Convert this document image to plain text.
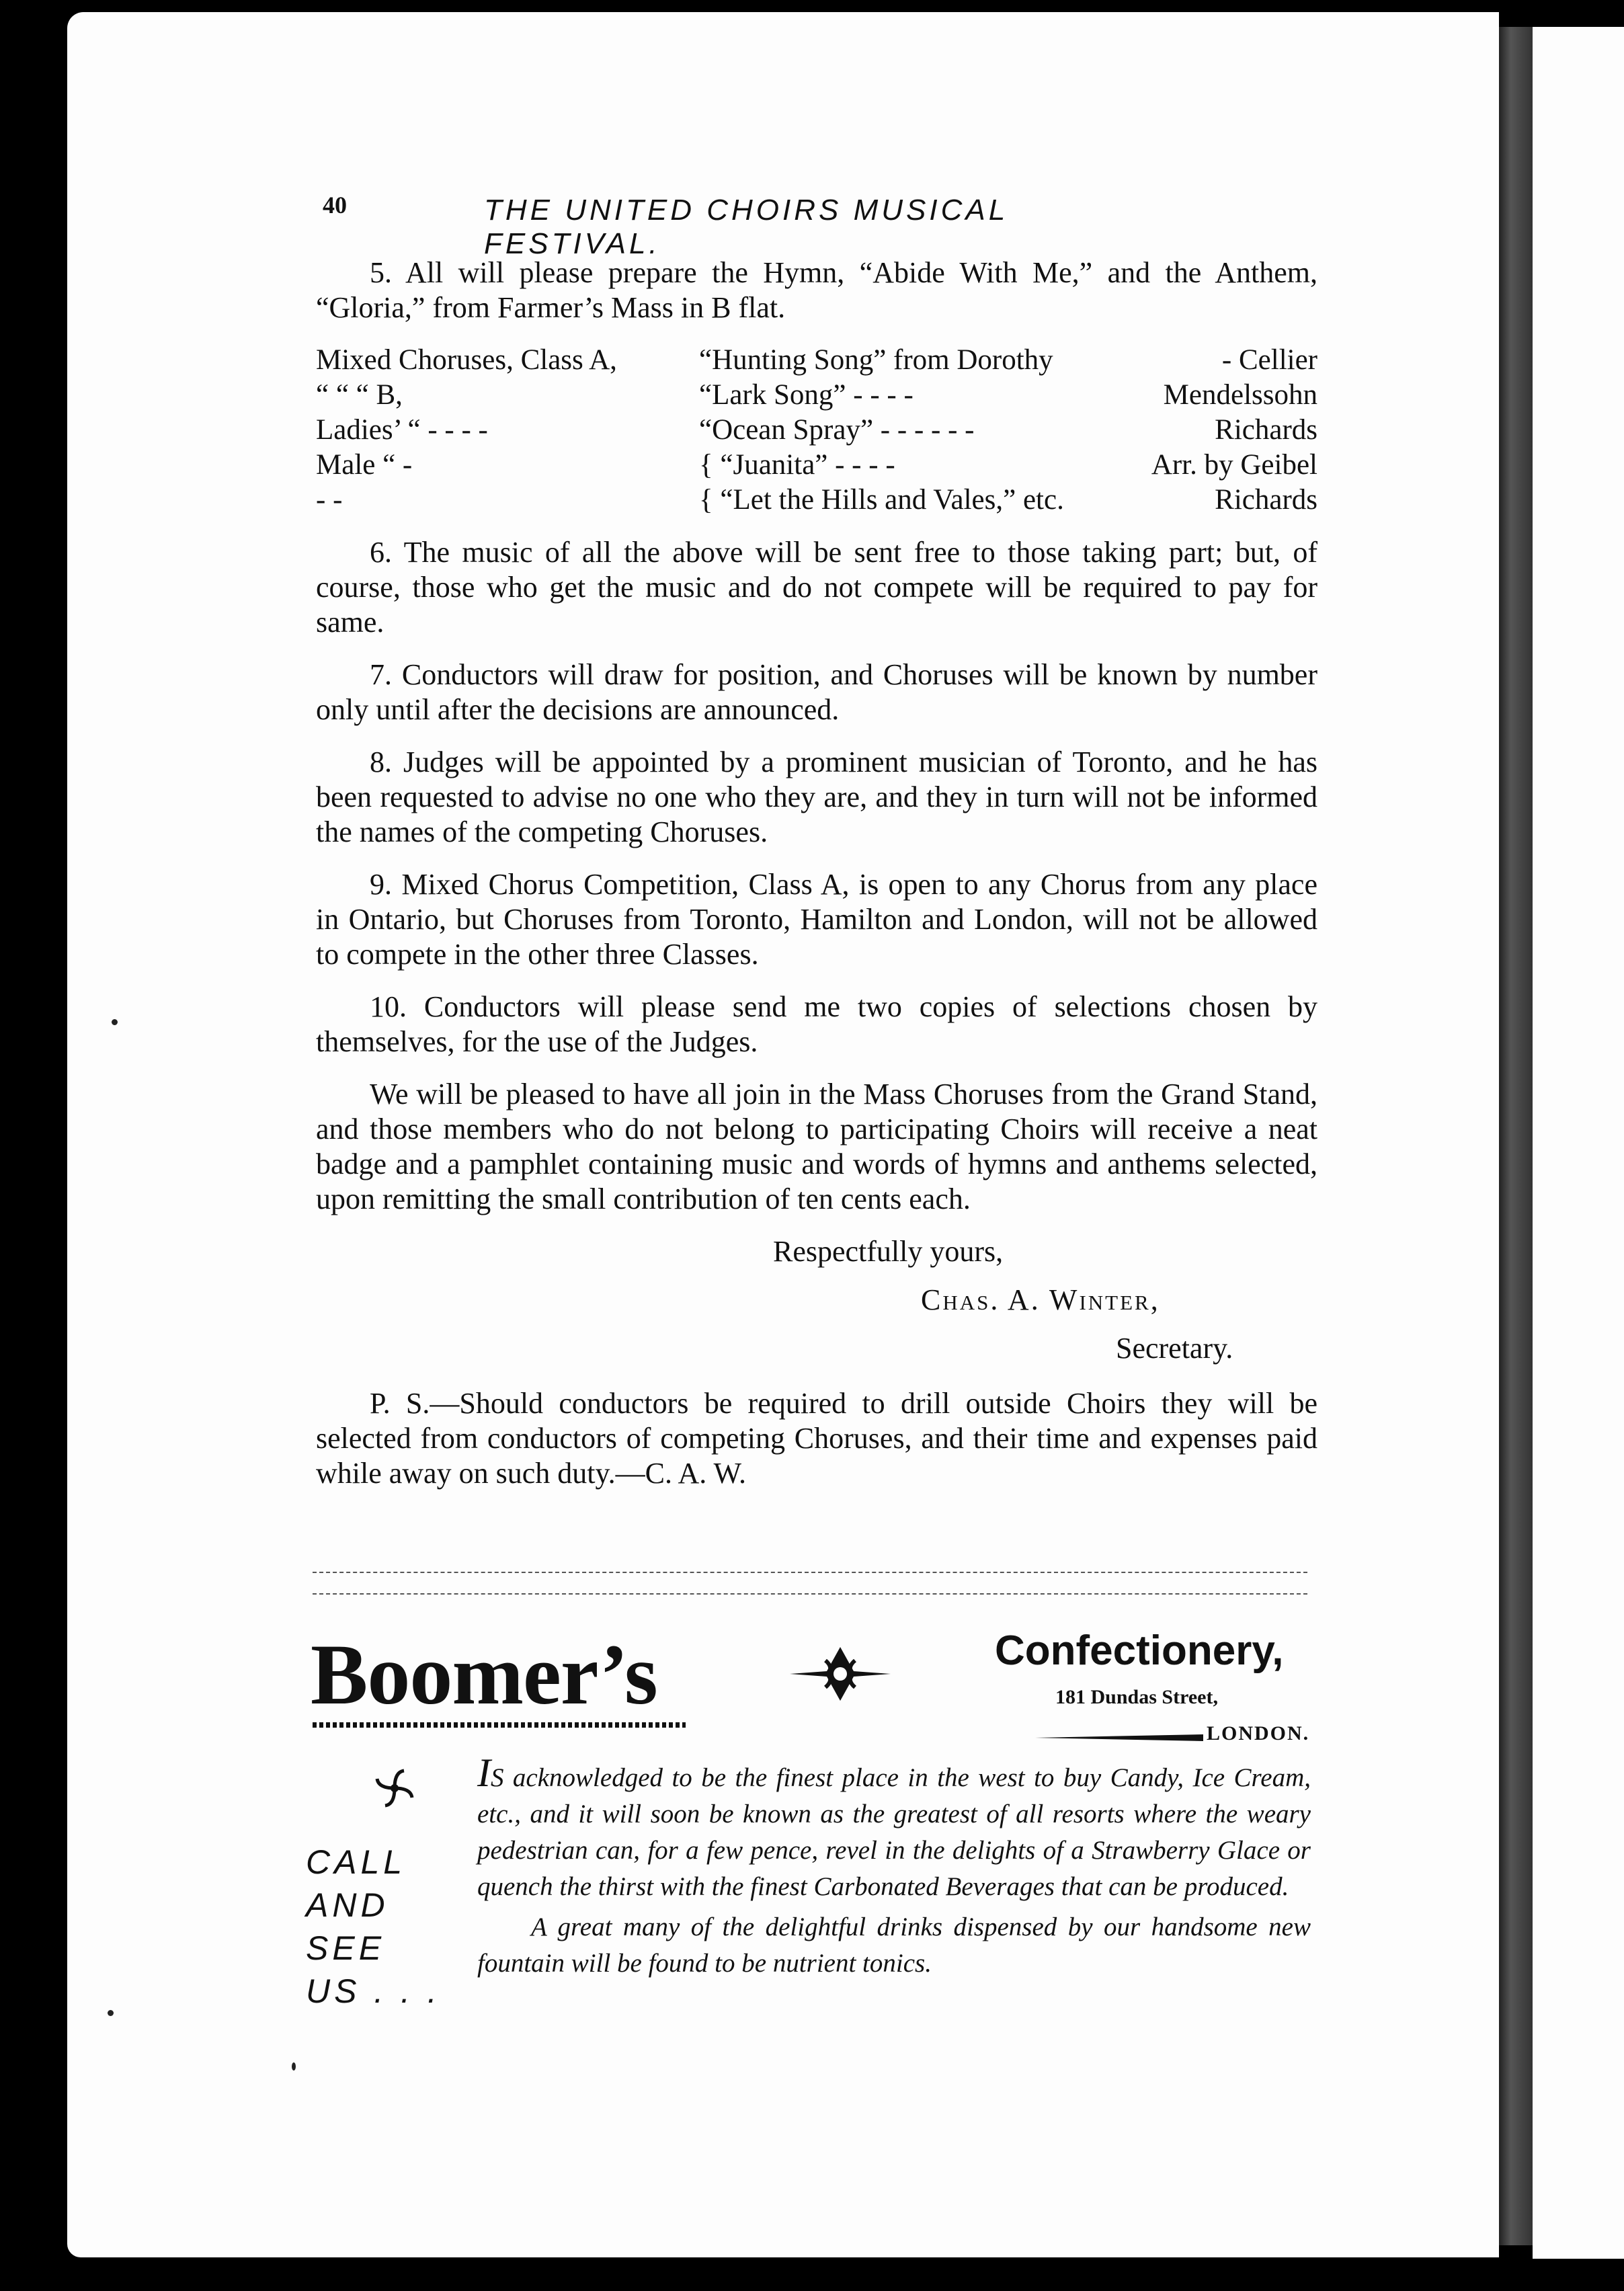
40	THE UNITED CHOIRS MUSICAL FESTIVAL.

5. All will please prepare the Hymn, “Abide With Me,” and the Anthem, “Gloria,” from Farmer’s Mass in B flat.

Mixed Choruses, Class A,	“Hunting Song” from Dorothy	- Cellier
“ “ “ B,	“Lark Song” - - - -	Mendelssohn
Ladies’ “ - - - -	“Ocean Spray” - - - - - -	Richards
Male “ -	{ “Juanita” - - - -	Arr. by Geibel
- -	{ “Let the Hills and Vales,” etc.	Richards

6. The music of all the above will be sent free to those taking part; but, of course, those who get the music and do not compete will be required to pay for same.

7. Conductors will draw for position, and Choruses will be known by number only until after the decisions are announced.

8. Judges will be appointed by a prominent musician of Toronto, and he has been requested to advise no one who they are, and they in turn will not be informed the names of the competing Choruses.

9. Mixed Chorus Competition, Class A, is open to any Chorus from any place in Ontario, but Choruses from Toronto, Hamilton and London, will not be allowed to compete in the other three Classes.

10. Conductors will please send me two copies of selections chosen by themselves, for the use of the Judges.

We will be pleased to have all join in the Mass Choruses from the Grand Stand, and those members who do not belong to participating Choirs will receive a neat badge and a pamphlet containing music and words of hymns and anthems selected, upon remitting the small contribution of ten cents each.

Respectfully yours,
Chas. A. Winter,
Secretary.

P. S.—Should conductors be required to drill outside Choirs they will be selected from conductors of competing Choruses, and their time and expenses paid while away on such duty.—C. A. W.

Boomer’s	Confectionery,
181 Dundas Street,
LONDON.
CALL
AND
SEE
US . . .

IS acknowledged to be the finest place in the west to buy Candy, Ice Cream, etc., and it will soon be known as the greatest of all resorts where the weary pedestrian can, for a few pence, revel in the delights of a Strawberry Glace or quench the thirst with the finest Carbonated Beverages that can be produced.

A great many of the delightful drinks dispensed by our handsome new fountain will be found to be nutrient tonics.
